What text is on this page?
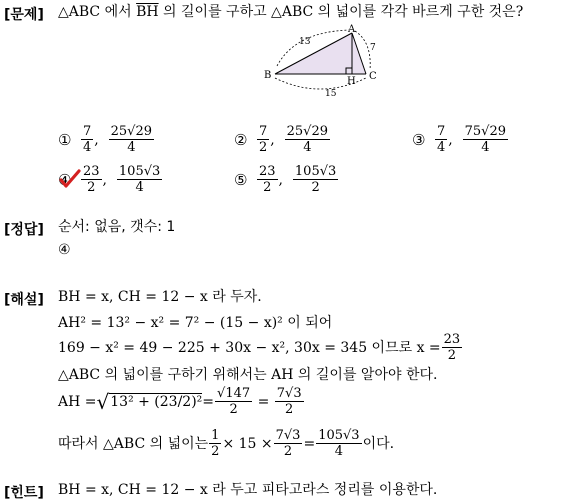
[문제] △ABC 에서 $\overline{BH}$ 의 길이를 구하고 △ABC 의 넓이를 각각 바르게 구한 것은?
A
B	C
H
13
7
15
① $\frac{7}{4}$ , $\frac{25√29}{4}$	② $\frac{7}{2}$ , $\frac{25√29}{4}$	③ $\frac{7}{4}$ , $\frac{75√29}{4}$
④ $\frac{23}{2}$ , $\frac{105√3}{4}$	⑤ $\frac{23}{2}$ , $\frac{105√3}{2}$
[정답] 순서: 없음, 갯수: 1
④
[해설] BH = x, CH = 12 − x 라 두자.
AH² = 13² − x² = 7² − (15 − x)² 이 되어
169 − x² = 49 − 225 + 30x − x², 30x = 345 이므로 $x = \frac{23}{2}$
△ABC 의 넓이를 구하기 위해서는 AH 의 길이를 알아야 한다.
AH = √ $13^2 + (23/2)^2 = \frac{√147}{2} = \frac{7√3}{2}$
따라서 △ABC 의 넓이는 $\frac{1}{2} \times 15 \times \frac{7√3}{2} = \frac{105√3}{4}$ 이다.
[힌트] BH = x, CH = 12 − x 라 두고 피타고라스 정리를 이용한다.
